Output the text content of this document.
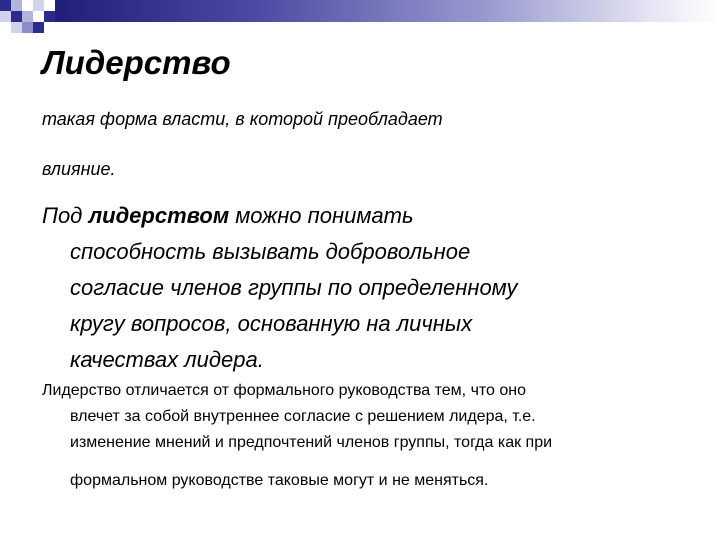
Лидерство
такая форма власти, в которой преобладает
влияние.
Под лидерством можно понимать
способность вызывать добровольное
согласие членов группы по определенному
кругу вопросов, основанную на личных
качествах лидера.
Лидерство отличается от формального руководства тем, что оно
влечет за собой внутреннее согласие с решением лидера, т.е.
изменение мнений и предпочтений членов группы, тогда как при
формальном руководстве таковые могут и не меняться.
